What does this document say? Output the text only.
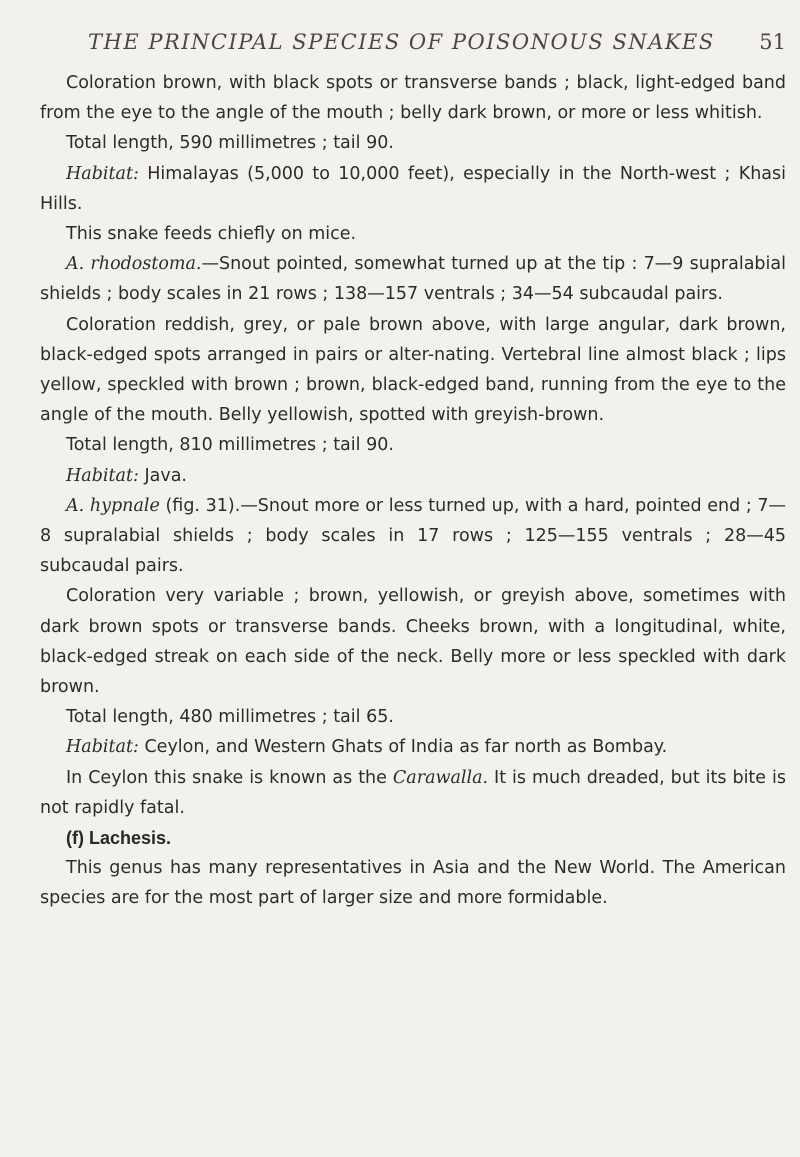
THE PRINCIPAL SPECIES OF POISONOUS SNAKES 51

Coloration brown, with black spots or transverse bands ; black, light-edged band from the eye to the angle of the mouth ; belly dark brown, or more or less whitish.

Total length, 590 millimetres ; tail 90.

Habitat: Himalayas (5,000 to 10,000 feet), especially in the North-west ; Khasi Hills.

This snake feeds chiefly on mice.

A. rhodostoma.—Snout pointed, somewhat turned up at the tip : 7—9 supralabial shields ; body scales in 21 rows ; 138—157 ventrals ; 34—54 subcaudal pairs.

Coloration reddish, grey, or pale brown above, with large angular, dark brown, black-edged spots arranged in pairs or alter-nating. Vertebral line almost black ; lips yellow, speckled with brown ; brown, black-edged band, running from the eye to the angle of the mouth. Belly yellowish, spotted with greyish-brown.

Total length, 810 millimetres ; tail 90.

Habitat: Java.

A. hypnale (fig. 31).—Snout more or less turned up, with a hard, pointed end ; 7—8 supralabial shields ; body scales in 17 rows ; 125—155 ventrals ; 28—45 subcaudal pairs.

Coloration very variable ; brown, yellowish, or greyish above, sometimes with dark brown spots or transverse bands. Cheeks brown, with a longitudinal, white, black-edged streak on each side of the neck. Belly more or less speckled with dark brown.

Total length, 480 millimetres ; tail 65.

Habitat: Ceylon, and Western Ghats of India as far north as Bombay.

In Ceylon this snake is known as the Carawalla. It is much dreaded, but its bite is not rapidly fatal.

(f) Lachesis.

This genus has many representatives in Asia and the New World. The American species are for the most part of larger size and more formidable.
